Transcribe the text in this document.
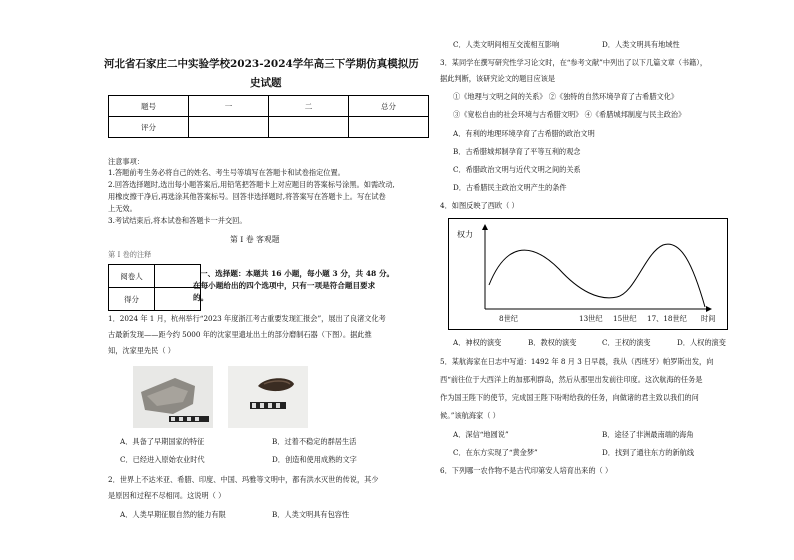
河北省石家庄二中实验学校2023-2024学年高三下学期仿真模拟历
史试题
题号	一	二	总分
评分			
注意事项：
1.答题前考生务必将自己的姓名、考生号等填写在答题卡和试卷指定位置。
2.回答选择题时,选出每小题答案后,用铅笔把答题卡上对应题目的答案标号涂黑。如需改动,
用橡皮擦干净后,再选涂其他答案标号。回答非选择题时,将答案写在答题卡上。写在试卷
上无效。
3.考试结束后,将本试卷和答题卡一并交回。
第 I 卷 客观题
第 I 卷的注释
阅卷人	
得分	
一、选择题：本题共 16 小题，每小题 3 分，共 48 分。
在每小题给出的四个选项中，只有一项是符合题目要求
的。
1．2024 年 1 月，杭州举行“2023 年度浙江考古重要发现汇报会”，展出了良渚文化考
古最新发现——距今约 5000 年的沈家里遗址出土的部分磨制石器（下图）。据此推
知，沈家里先民（ ）
A．具备了早期国家的特征	B．过着不稳定的群居生活
C．已经进入原始农业时代	D．创造和使用成熟的文字
2．世界上不达米亚、希腊、印度、中国、玛雅等文明中，都有洪水灭世的传说，其少
是原因和过程不尽相同。这说明（ ）
A．人类早期征服自然的能力有限	B．人类文明具有包容性
C．人类文明间相互交流相互影响	D．人类文明具有地域性
3．某同学在撰写研究性学习论文时，在“参考文献”中列出了以下几篇文章（书籍），
据此判断，该研究论文的题目应该是
①《地理与文明之间的关系》 ②《独特的自然环境孕育了古希腊文化》
③《宽松自由的社会环境与古希腊文明》 ④《希腊城邦制度与民主政治》
A．有利的地理环境孕育了古希腊的政治文明
B．古希腊城邦制孕育了平等互利的观念
C．希腊政治文明与近代文明之间的关系
D．古希腊民主政治文明产生的条件
4．如图反映了西欧（ ）
权力
8世纪	13世纪 15世纪 17、18世纪 时间
A．神权的演变	B．教权的演变	C．王权的演变	D．人权的演变
5．某航海家在日志中写道：1492 年 8 月 3 日早晨，我从（西班牙）帕罗斯出发，向
西“前往位于大西洋上的加那利群岛，然后从那里出发前往印度。这次航海的任务是
作为国王陛下的使节，完成国王陛下吩咐给我的任务，向做诸的君主致以我们的问
候。”该航海家（ ）
A．深信“地圆说”	B．途径了非洲最南端的海角
C．在东方实现了“黄金梦”	D．找到了通往东方的新航线
6．下列哪一农作物不是古代印第安人培育出来的（ ）
